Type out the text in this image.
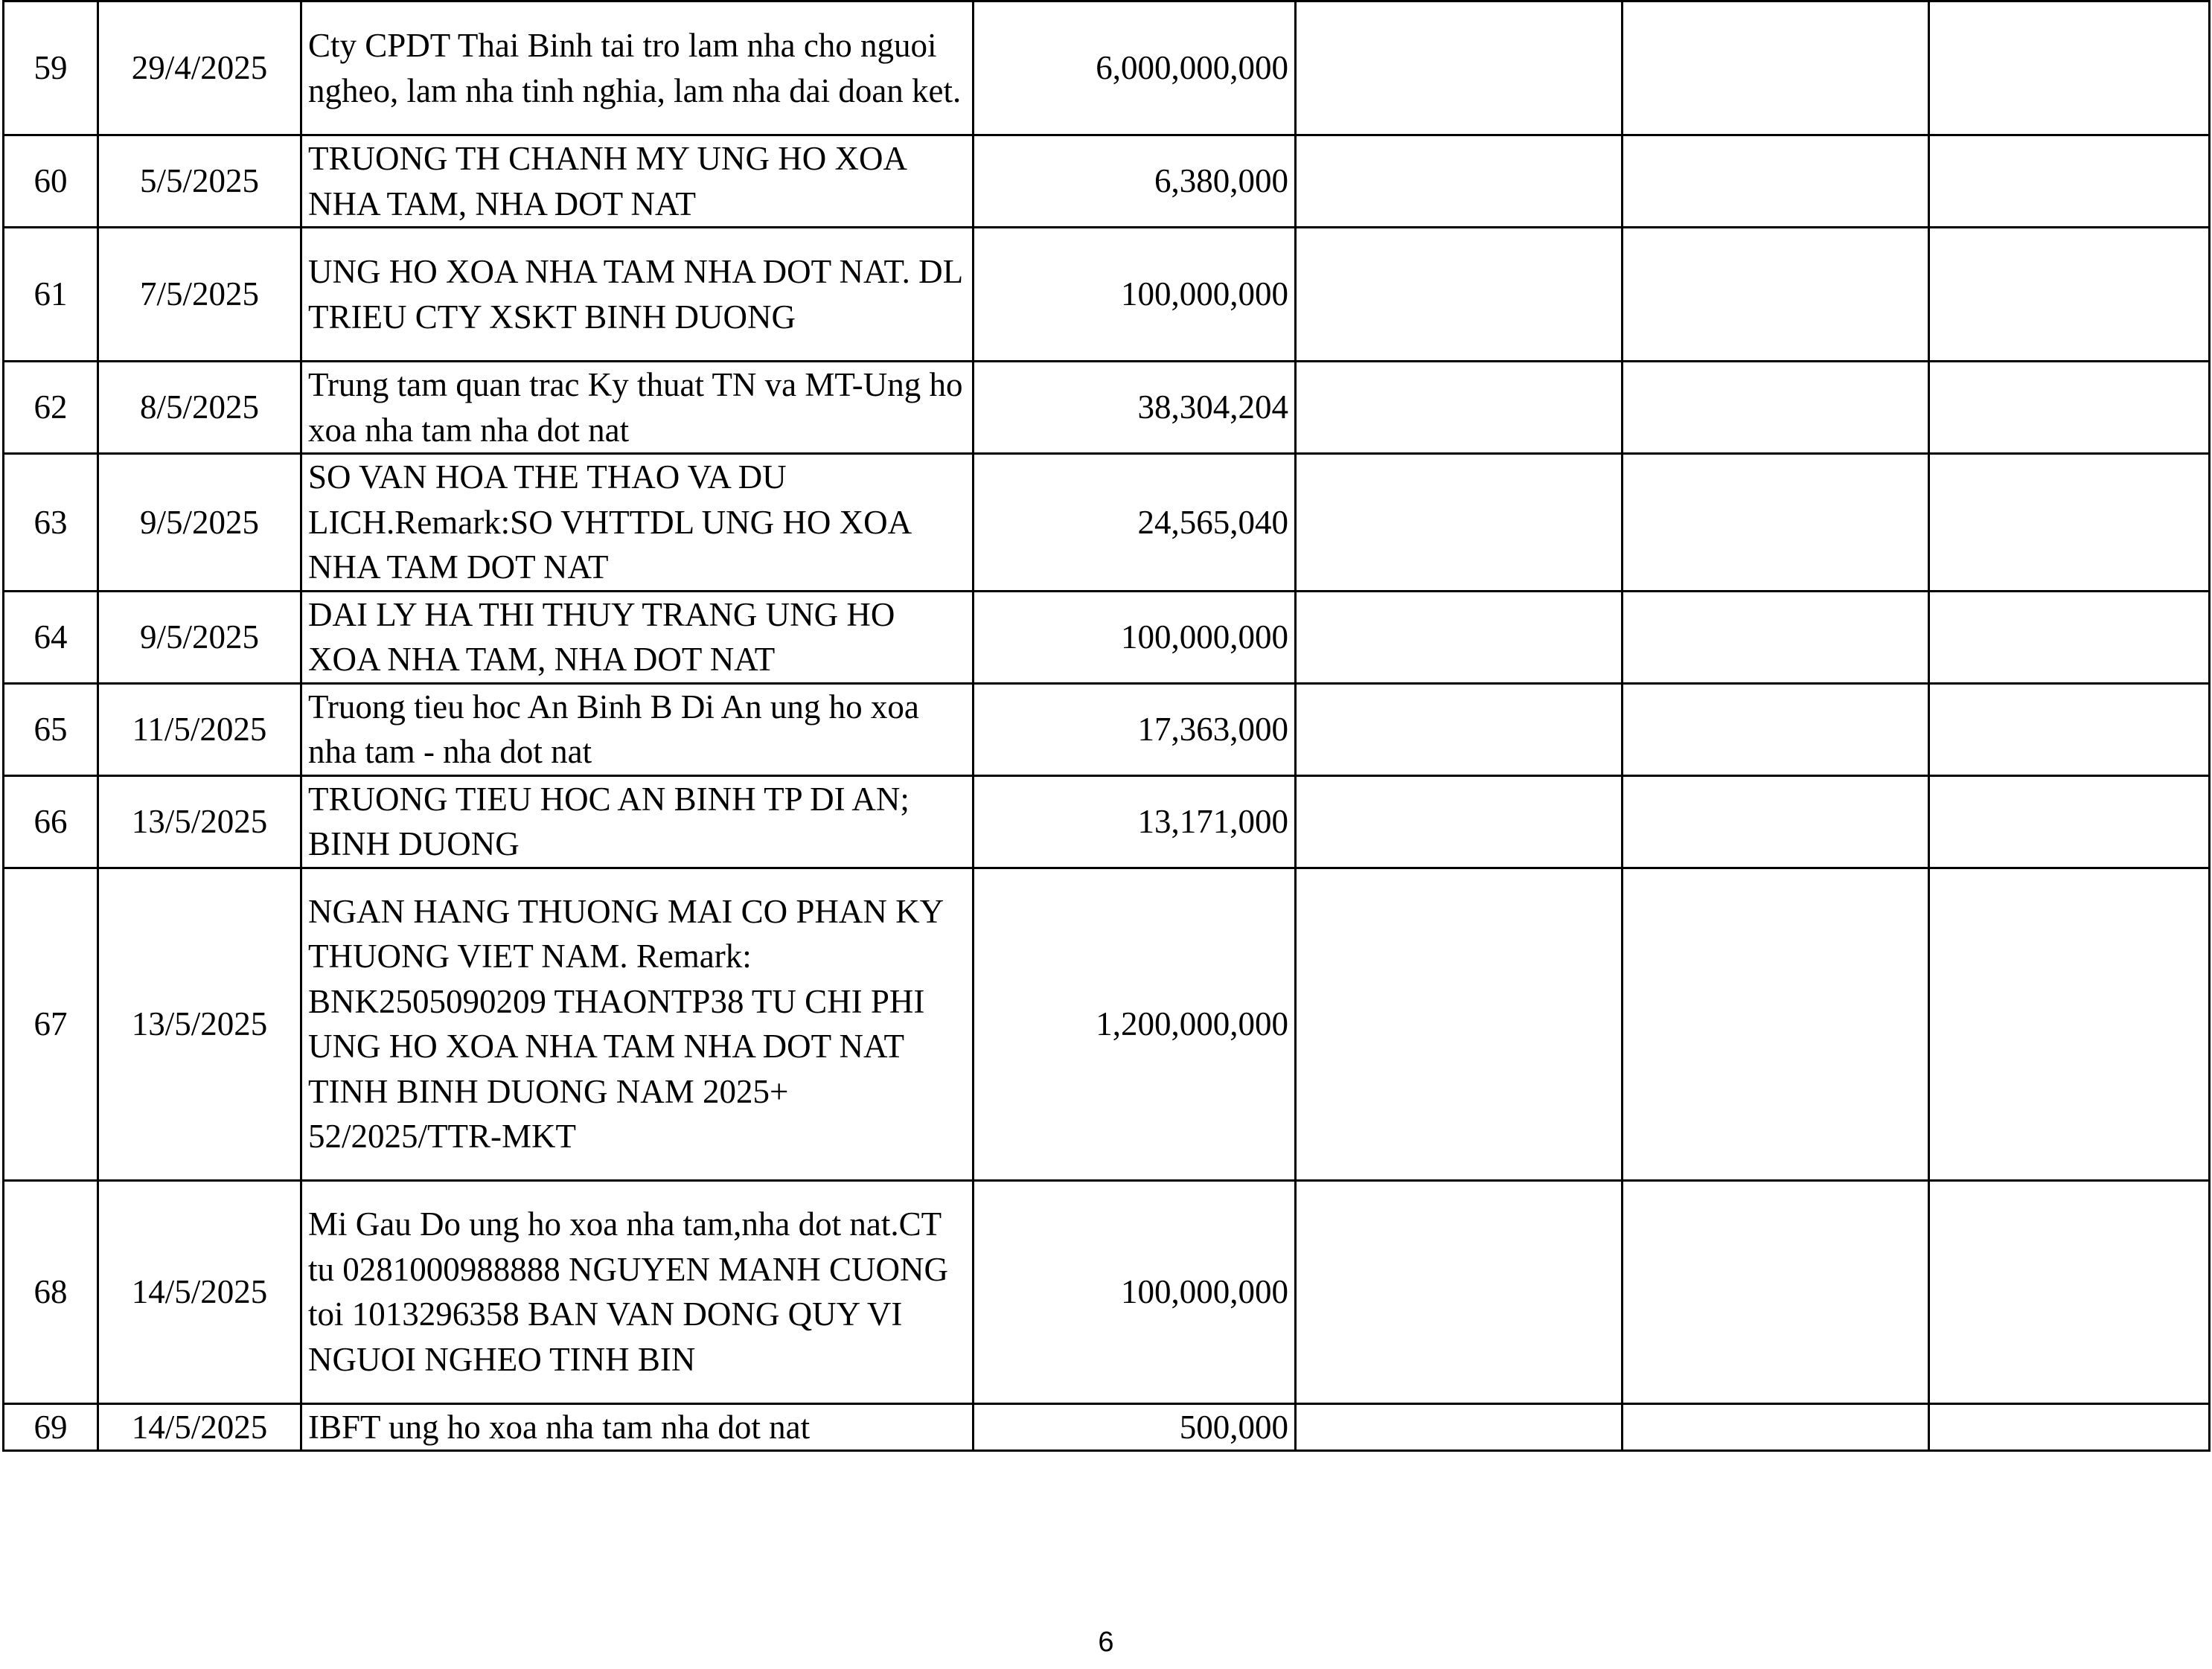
59	29/4/2025	Cty CPDT Thai Binh tai tro lam nha cho nguoi ngheo, lam nha tinh nghia, lam nha dai doan ket.	6,000,000,000			
60	5/5/2025	TRUONG TH CHANH MY UNG HO XOA NHA TAM, NHA DOT NAT	6,380,000			
61	7/5/2025	UNG HO XOA NHA TAM NHA DOT NAT. DL TRIEU CTY XSKT BINH DUONG	100,000,000			
62	8/5/2025	Trung tam quan trac Ky thuat TN va MT-Ung ho xoa nha tam nha dot nat	38,304,204			
63	9/5/2025	SO VAN HOA THE THAO VA DU LICH.Remark:SO VHTTDL UNG HO XOA NHA TAM DOT NAT	24,565,040			
64	9/5/2025	DAI LY HA THI THUY TRANG UNG HO XOA NHA TAM, NHA DOT NAT	100,000,000			
65	11/5/2025	Truong tieu hoc An Binh B Di An ung ho xoa nha tam - nha dot nat	17,363,000			
66	13/5/2025	TRUONG TIEU HOC AN BINH TP DI AN; BINH DUONG	13,171,000			
67	13/5/2025	NGAN HANG THUONG MAI CO PHAN KY THUONG VIET NAM. Remark: BNK2505090209 THAONTP38 TU CHI PHI UNG HO XOA NHA TAM NHA DOT NAT TINH BINH DUONG NAM 2025+ 52/2025/TTR-MKT	1,200,000,000			
68	14/5/2025	Mi Gau Do ung ho xoa nha tam,nha dot nat.CT tu 0281000988888 NGUYEN MANH CUONG toi 1013296358 BAN VAN DONG QUY VI NGUOI NGHEO TINH BIN	100,000,000			
69	14/5/2025	IBFT ung ho xoa nha tam nha dot nat	500,000			
6
